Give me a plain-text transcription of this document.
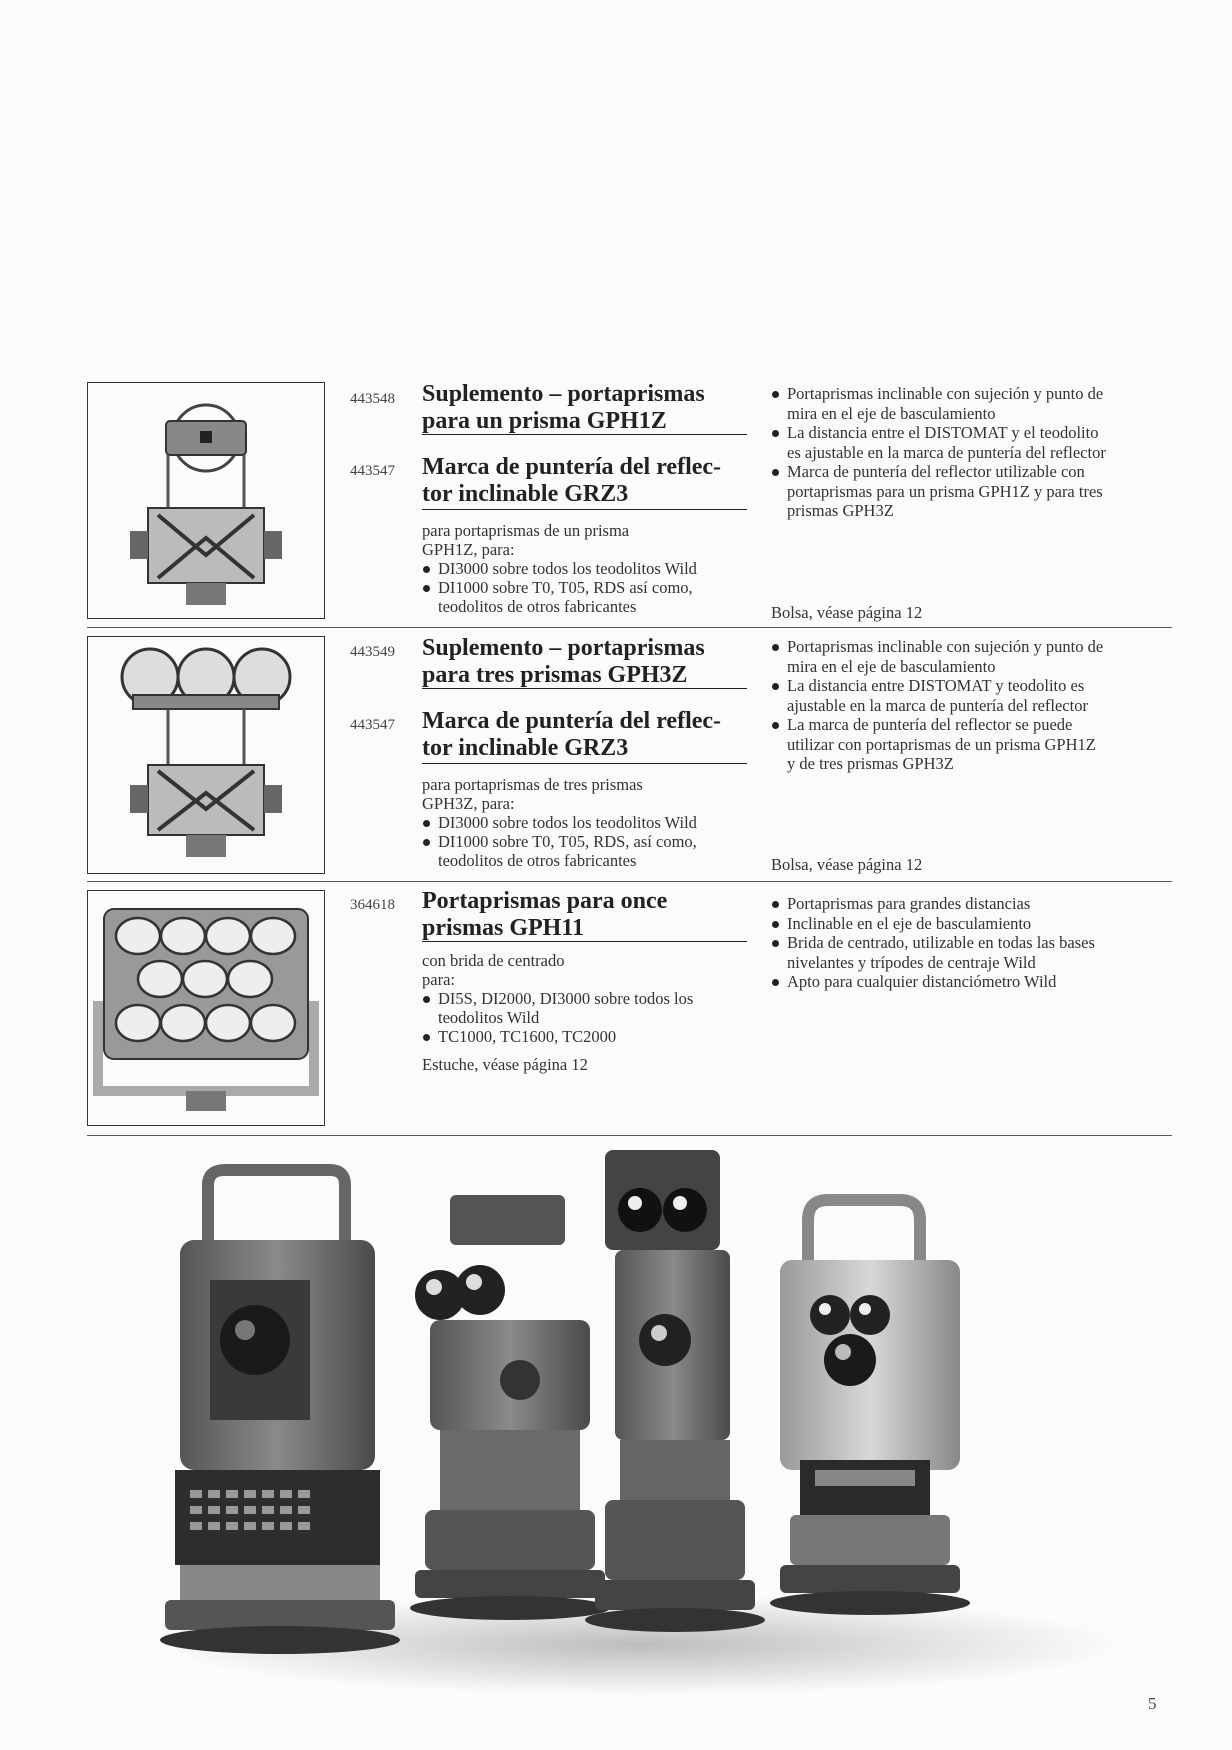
443548 Suplemento – portaprismas
para un prisma GPH1Z
443547 Marca de puntería del reflec-
tor inclinable GRZ3
para portaprismas de un prisma
GPH1Z, para:
DI3000 sobre todos los teodolitos Wild
DI1000 sobre T0, T05, RDS así como,
teodolitos de otros fabricantes
Portaprismas inclinable con sujeción y punto de
mira en el eje de basculamiento
La distancia entre el DISTOMAT y el teodolito
es ajustable en la marca de puntería del reflector
Marca de puntería del reflector utilizable con
portaprismas para un prisma GPH1Z y para tres
prismas GPH3Z
Bolsa, véase página 12
443549 Suplemento – portaprismas
para tres prismas GPH3Z
443547 Marca de puntería del reflec-
tor inclinable GRZ3
para portaprismas de tres prismas
GPH3Z, para:
DI3000 sobre todos los teodolitos Wild
DI1000 sobre T0, T05, RDS, así como,
teodolitos de otros fabricantes
Portaprismas inclinable con sujeción y punto de
mira en el eje de basculamiento
La distancia entre DISTOMAT y teodolito es
ajustable en la marca de puntería del reflector
La marca de puntería del reflector se puede
utilizar con portaprismas de un prisma GPH1Z
y de tres prismas GPH3Z
Bolsa, véase página 12
364618 Portaprismas para once
prismas GPH11
con brida de centrado
para:
DI5S, DI2000, DI3000 sobre todos los
teodolitos Wild
TC1000, TC1600, TC2000
Estuche, véase página 12
Portaprismas para grandes distancias
Inclinable en el eje de basculamiento
Brida de centrado, utilizable en todas las bases
nivelantes y trípodes de centraje Wild
Apto para cualquier distanciómetro Wild
5
